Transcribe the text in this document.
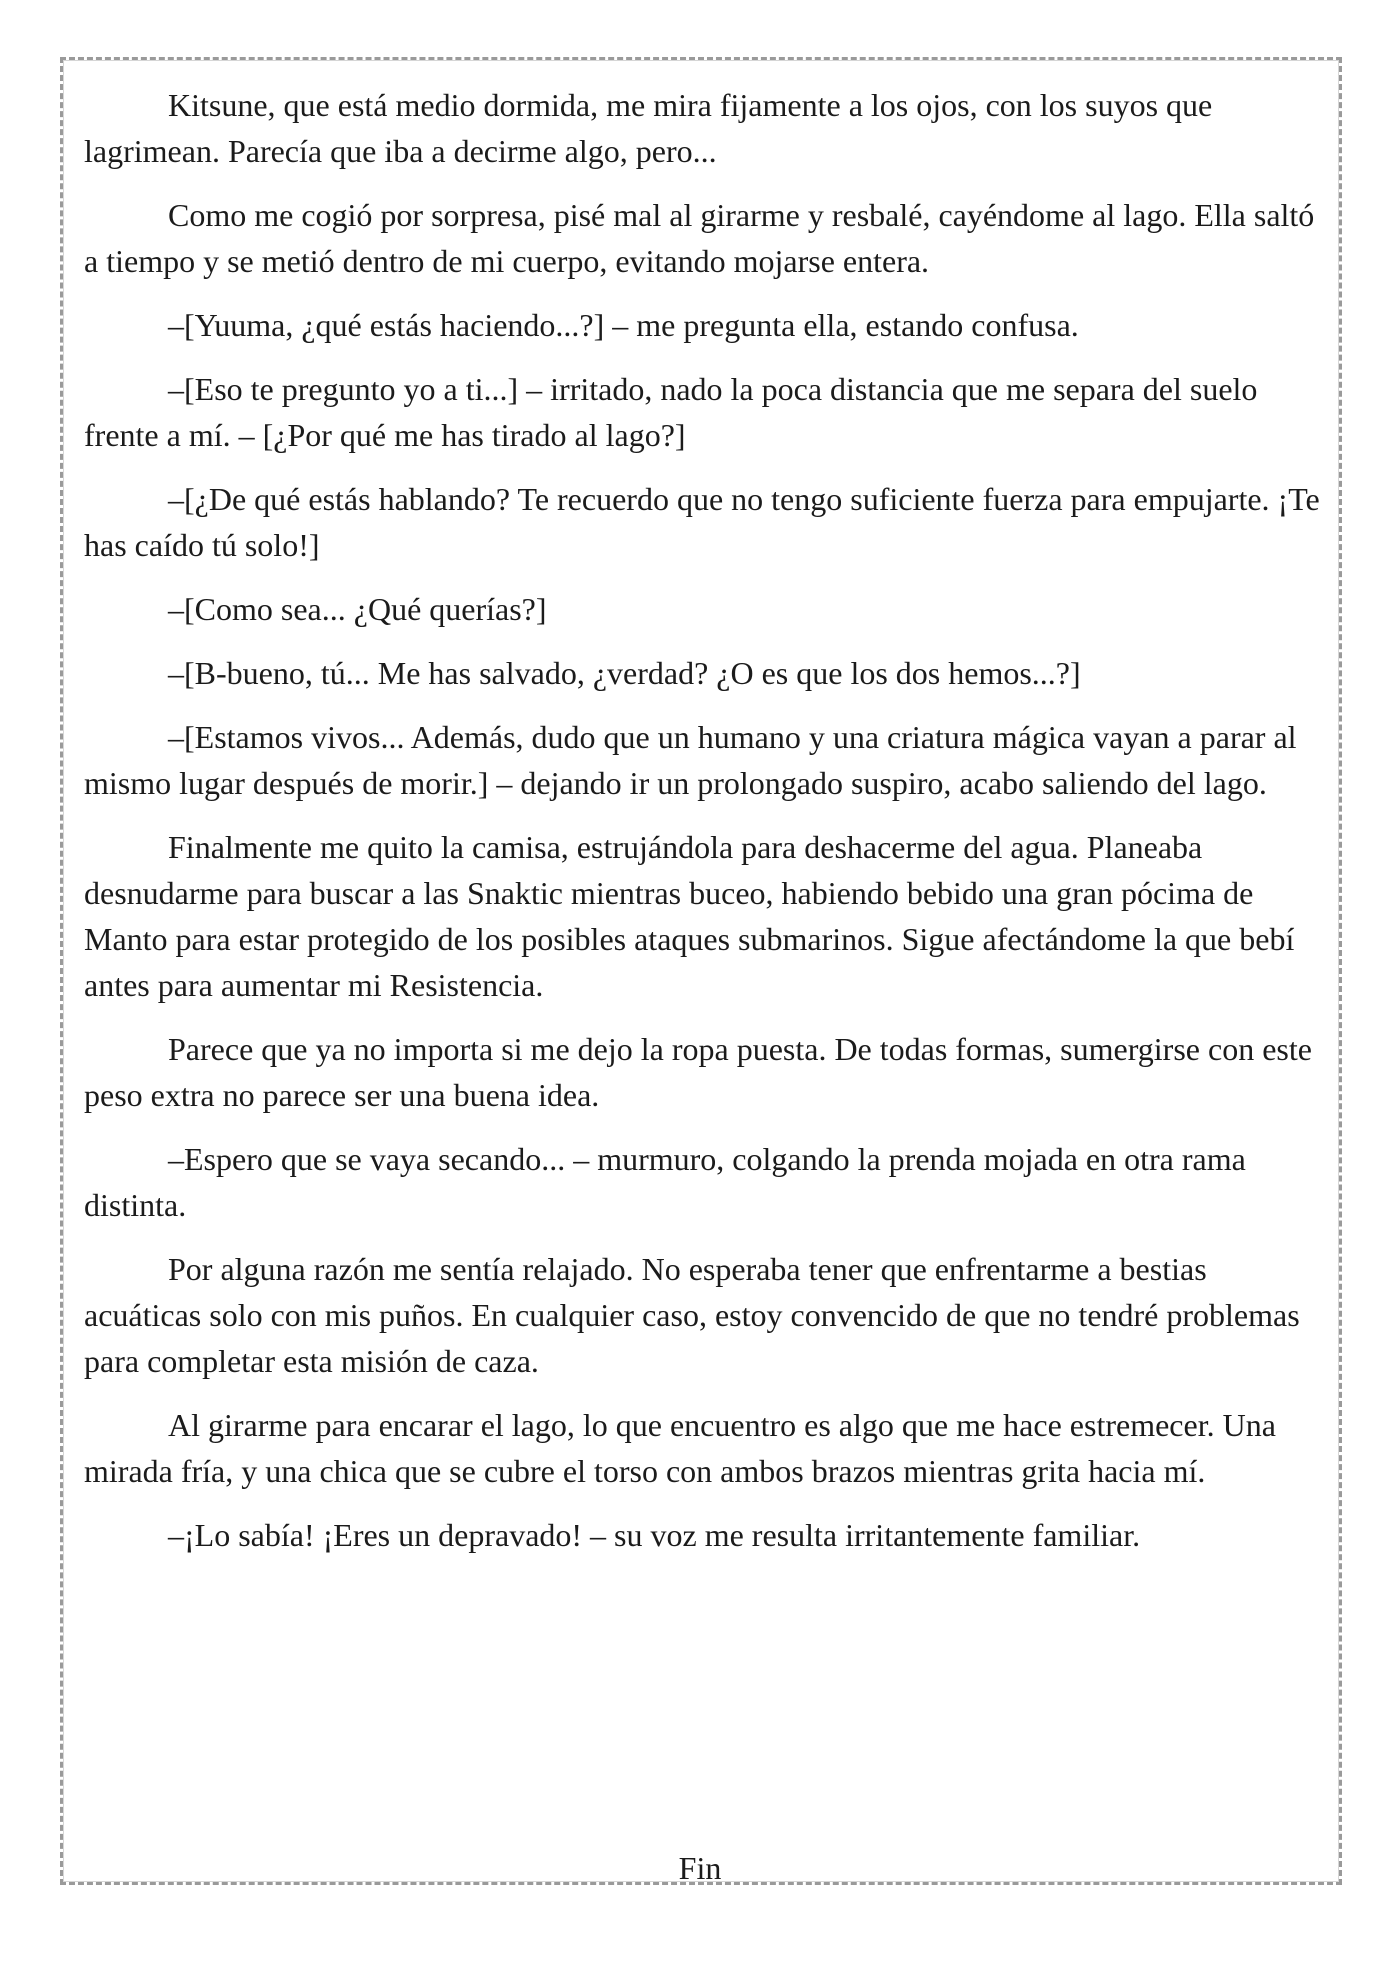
Kitsune, que está medio dormida, me mira fijamente a los ojos, con los suyos que lagrimean. Parecía que iba a decirme algo, pero...

Como me cogió por sorpresa, pisé mal al girarme y resbalé, cayéndome al lago. Ella saltó a tiempo y se metió dentro de mi cuerpo, evitando mojarse entera.

–[Yuuma, ¿qué estás haciendo...?] – me pregunta ella, estando confusa.

–[Eso te pregunto yo a ti...] – irritado, nado la poca distancia que me separa del suelo frente a mí. – [¿Por qué me has tirado al lago?]

–[¿De qué estás hablando? Te recuerdo que no tengo suficiente fuerza para empujarte. ¡Te has caído tú solo!]

–[Como sea... ¿Qué querías?]

–[B-bueno, tú... Me has salvado, ¿verdad? ¿O es que los dos hemos...?]

–[Estamos vivos... Además, dudo que un humano y una criatura mágica vayan a parar al mismo lugar después de morir.] – dejando ir un prolongado suspiro, acabo saliendo del lago.

Finalmente me quito la camisa, estrujándola para deshacerme del agua. Planeaba desnudarme para buscar a las Snaktic mientras buceo, habiendo bebido una gran pócima de Manto para estar protegido de los posibles ataques submarinos. Sigue afectándome la que bebí antes para aumentar mi Resistencia.

Parece que ya no importa si me dejo la ropa puesta. De todas formas, sumergirse con este peso extra no parece ser una buena idea.

–Espero que se vaya secando... – murmuro, colgando la prenda mojada en otra rama distinta.

Por alguna razón me sentía relajado. No esperaba tener que enfrentarme a bestias acuáticas solo con mis puños. En cualquier caso, estoy convencido de que no tendré problemas para completar esta misión de caza.

Al girarme para encarar el lago, lo que encuentro es algo que me hace estremecer. Una mirada fría, y una chica que se cubre el torso con ambos brazos mientras grita hacia mí.

–¡Lo sabía! ¡Eres un depravado! – su voz me resulta irritantemente familiar.

Fin
